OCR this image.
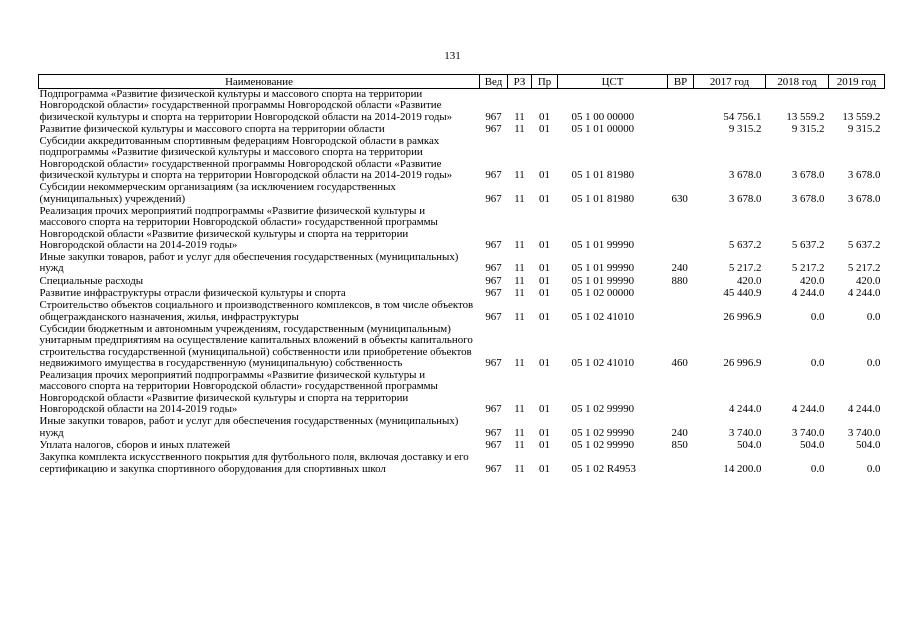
131
Наименование	Вед	РЗ	Пр	ЦСТ	ВР	2017 год	2018 год	2019 год
Подпрограмма «Развитие физической культуры и массового спорта на территории Новгородской области» государственной программы Новгородской области «Развитие физической культуры и спорта на территории Новгородской области на 2014-2019 годы»	967	11	01	05 1 00 00000		54 756.1	13 559.2	13 559.2
Развитие физической культуры и массового спорта на территории области	967	11	01	05 1 01 00000		9 315.2	9 315.2	9 315.2
Субсидии аккредитованным спортивным федерациям Новгородской области в рамках подпрограммы «Развитие физической культуры и массового спорта на территории Новгородской области» государственной программы Новгородской области «Развитие физической культуры и спорта на территории Новгородской области на 2014-2019 годы»	967	11	01	05 1 01 81980		3 678.0	3 678.0	3 678.0
Субсидии некоммерческим организациям (за исключением государственных (муниципальных) учреждений)	967	11	01	05 1 01 81980	630	3 678.0	3 678.0	3 678.0
Реализация прочих мероприятий подпрограммы «Развитие физической культуры и массового спорта на территории Новгородской области» государственной программы Новгородской области «Развитие физической культуры и спорта на территории Новгородской области на 2014-2019 годы»	967	11	01	05 1 01 99990		5 637.2	5 637.2	5 637.2
Иные закупки товаров, работ и услуг для обеспечения государственных (муниципальных) нужд	967	11	01	05 1 01 99990	240	5 217.2	5 217.2	5 217.2
Специальные расходы	967	11	01	05 1 01 99990	880	420.0	420.0	420.0
Развитие инфраструктуры отрасли физической культуры и спорта	967	11	01	05 1 02 00000		45 440.9	4 244.0	4 244.0
Строительство объектов социального и производственного комплексов, в том числе объектов общегражданского назначения, жилья, инфраструктуры	967	11	01	05 1 02 41010		26 996.9	0.0	0.0
Субсидии бюджетным и автономным учреждениям, государственным (муниципальным) унитарным предприятиям на осуществление капитальных вложений в объекты капитального строительства государственной (муниципальной) собственности или приобретение объектов недвижимого имущества в государственную (муниципальную) собственность	967	11	01	05 1 02 41010	460	26 996.9	0.0	0.0
Реализация прочих мероприятий подпрограммы «Развитие физической культуры и массового спорта на территории Новгородской области» государственной программы Новгородской области «Развитие физической культуры и спорта на территории Новгородской области на 2014-2019 годы»	967	11	01	05 1 02 99990		4 244.0	4 244.0	4 244.0
Иные закупки товаров, работ и услуг для обеспечения государственных (муниципальных) нужд	967	11	01	05 1 02 99990	240	3 740.0	3 740.0	3 740.0
Уплата налогов, сборов и иных платежей	967	11	01	05 1 02 99990	850	504.0	504.0	504.0
Закупка комплекта искусственного покрытия для футбольного поля, включая доставку и его сертификацию и закупка спортивного оборудования для спортивных школ	967	11	01	05 1 02 R4953		14 200.0	0.0	0.0
